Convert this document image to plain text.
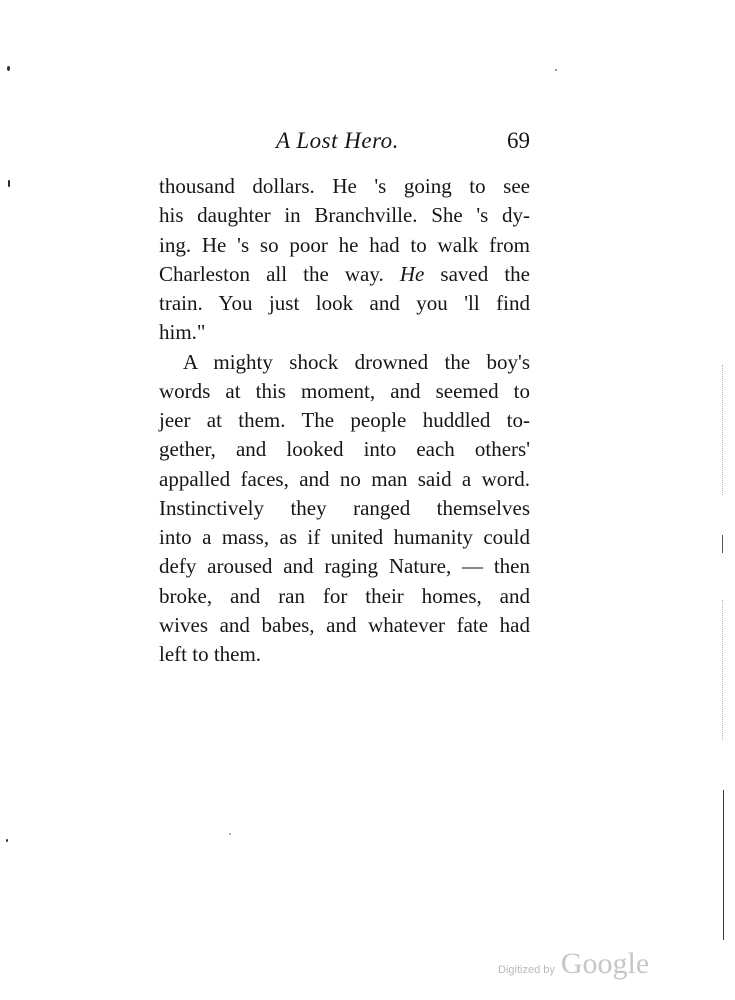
A Lost Hero.	69
thousand dollars. He 's going to see
his daughter in Branchville. She 's dy-
ing. He 's so poor he had to walk from
Charleston all the way. He saved the
train. You just look and you 'll find
him."
A mighty shock drowned the boy's
words at this moment, and seemed to
jeer at them. The people huddled to-
gether, and looked into each others'
appalled faces, and no man said a word.
Instinctively they ranged themselves
into a mass, as if united humanity could
defy aroused and raging Nature, — then
broke, and ran for their homes, and
wives and babes, and whatever fate had
left to them.
Digitized by Google
